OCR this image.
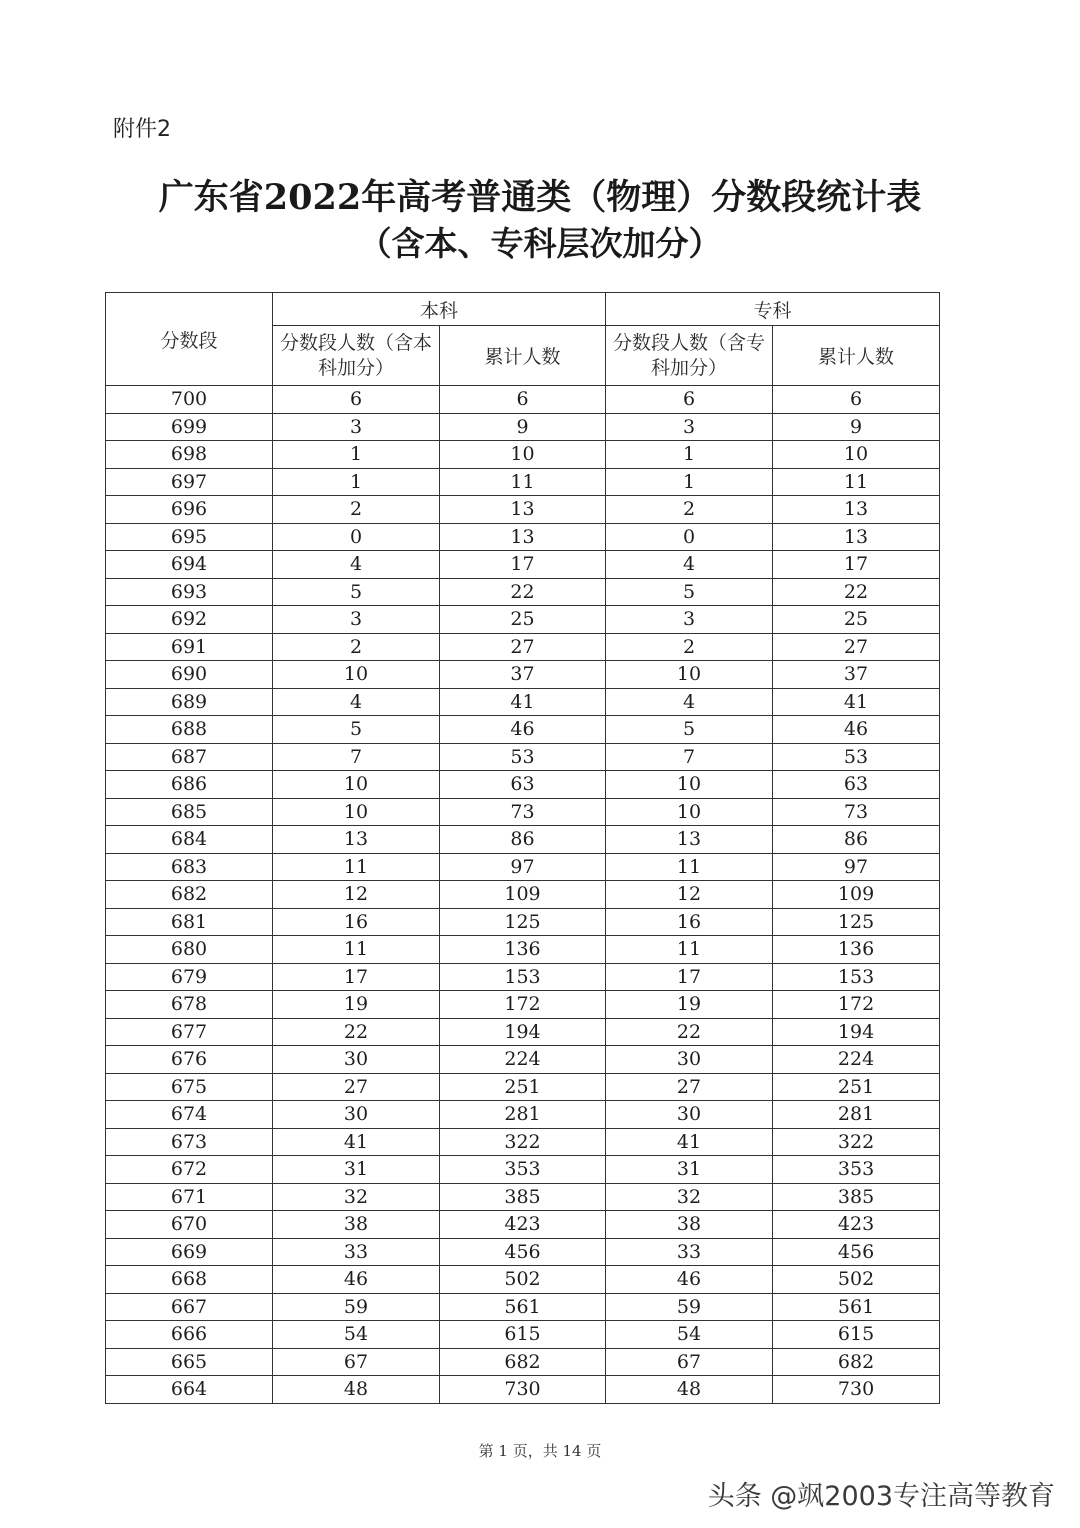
附件2
广东省2022年高考普通类（物理）分数段统计表
（含本、专科层次加分）
分数段	本科		专科	
	分数段人数（含本科加分）	累计人数	分数段人数（含专科加分）	累计人数
700	6	6	6	6
699	3	9	3	9
698	1	10	1	10
697	1	11	1	11
696	2	13	2	13
695	0	13	0	13
694	4	17	4	17
693	5	22	5	22
692	3	25	3	25
691	2	27	2	27
690	10	37	10	37
689	4	41	4	41
688	5	46	5	46
687	7	53	7	53
686	10	63	10	63
685	10	73	10	73
684	13	86	13	86
683	11	97	11	97
682	12	109	12	109
681	16	125	16	125
680	11	136	11	136
679	17	153	17	153
678	19	172	19	172
677	22	194	22	194
676	30	224	30	224
675	27	251	27	251
674	30	281	30	281
673	41	322	41	322
672	31	353	31	353
671	32	385	32	385
670	38	423	38	423
669	33	456	33	456
668	46	502	46	502
667	59	561	59	561
666	54	615	54	615
665	67	682	67	682
664	48	730	48	730
第 1 页，共 14 页
头条 @飒2003专注高等教育
